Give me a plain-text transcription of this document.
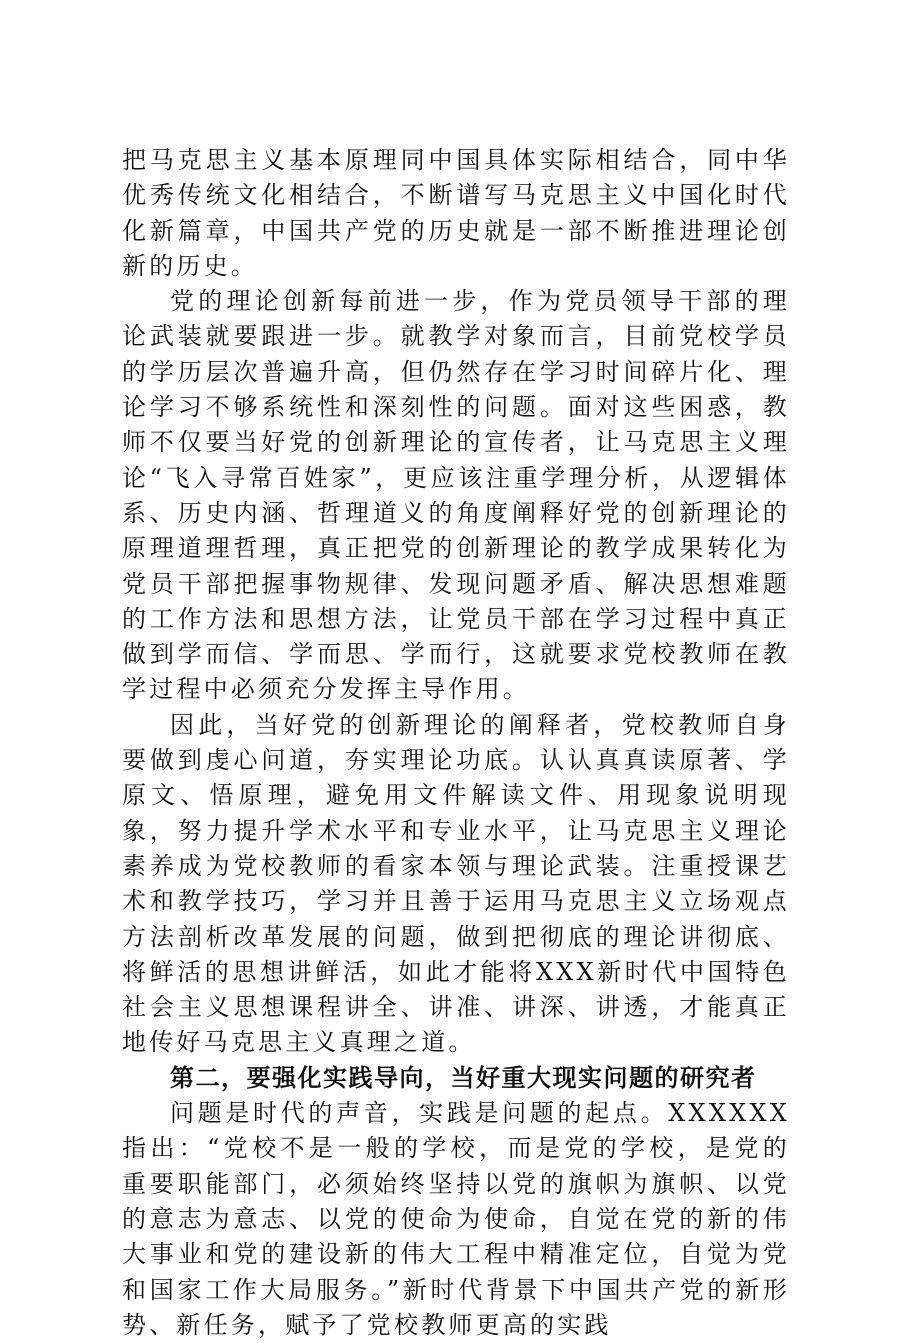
把马克思主义基本原理同中国具体实际相结合，同中华优秀传统文化相结合，不断谱写马克思主义中国化时代化新篇章，中国共产党的历史就是一部不断推进理论创新的历史。

党的理论创新每前进一步，作为党员领导干部的理论武装就要跟进一步。就教学对象而言，目前党校学员的学历层次普遍升高，但仍然存在学习时间碎片化、理论学习不够系统性和深刻性的问题。面对这些困惑，教师不仅要当好党的创新理论的宣传者，让马克思主义理论“飞入寻常百姓家”，更应该注重学理分析，从逻辑体系、历史内涵、哲理道义的角度阐释好党的创新理论的原理道理哲理，真正把党的创新理论的教学成果转化为党员干部把握事物规律、发现问题矛盾、解决思想难题的工作方法和思想方法，让党员干部在学习过程中真正做到学而信、学而思、学而行，这就要求党校教师在教学过程中必须充分发挥主导作用。

因此，当好党的创新理论的阐释者，党校教师自身要做到虔心问道，夯实理论功底。认认真真读原著、学原文、悟原理，避免用文件解读文件、用现象说明现象，努力提升学术水平和专业水平，让马克思主义理论素养成为党校教师的看家本领与理论武装。注重授课艺术和教学技巧，学习并且善于运用马克思主义立场观点方法剖析改革发展的问题，做到把彻底的理论讲彻底、将鲜活的思想讲鲜活，如此才能将XXX新时代中国特色社会主义思想课程讲全、讲准、讲深、讲透，才能真正地传好马克思主义真理之道。

第二，要强化实践导向，当好重大现实问题的研究者

问题是时代的声音，实践是问题的起点。XXXXXX指出：“党校不是一般的学校，而是党的学校，是党的重要职能部门，必须始终坚持以党的旗帜为旗帜、以党的意志为意志、以党的使命为使命，自觉在党的新的伟大事业和党的建设新的伟大工程中精准定位，自觉为党和国家工作大局服务。”新时代背景下中国共产党的新形势、新任务，赋予了党校教师更高的实践
